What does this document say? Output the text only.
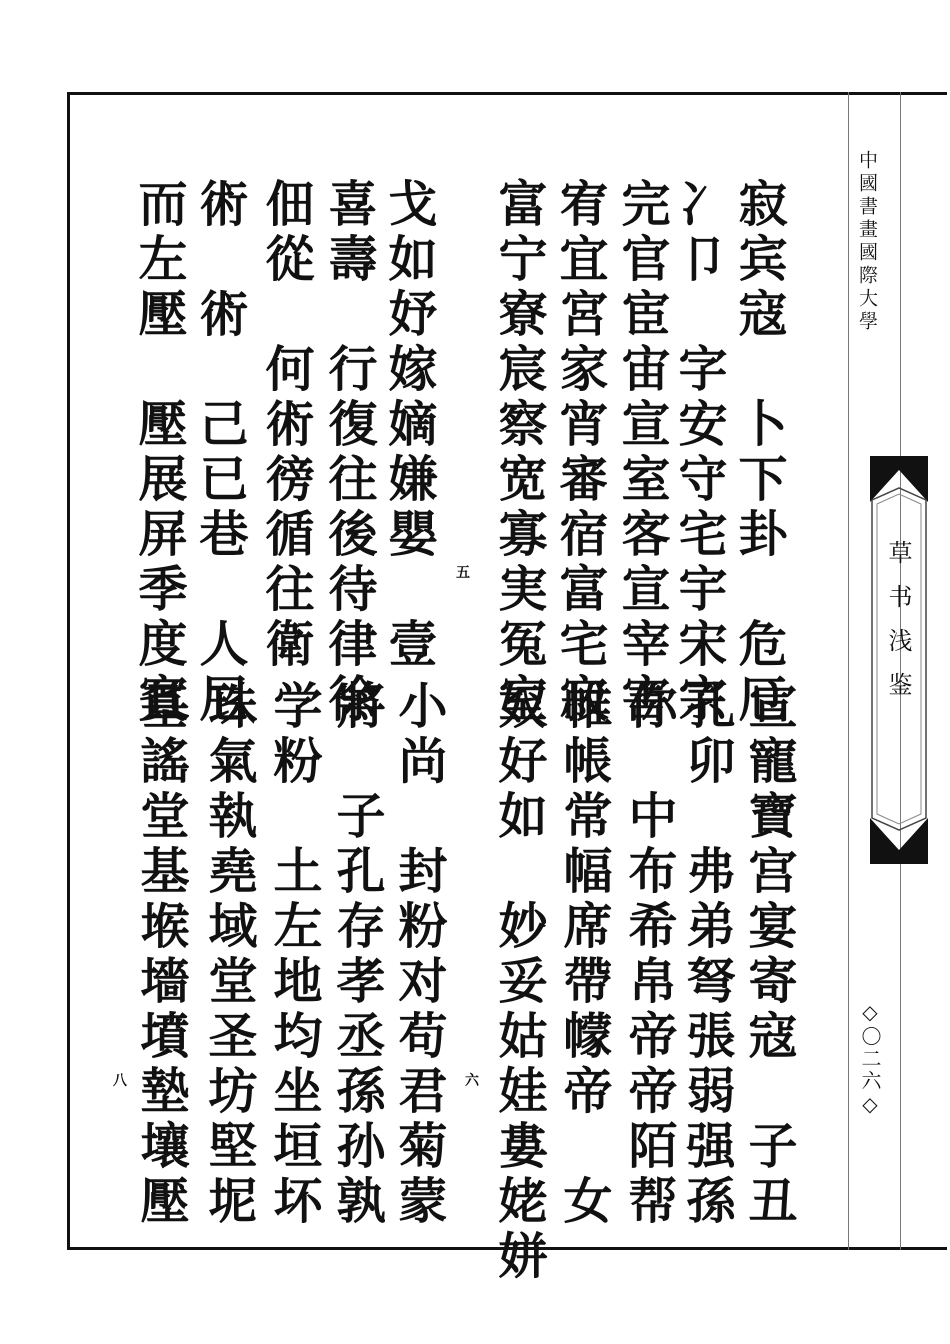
中國書畫國際大學
草书浅鉴
◇〇二六◇
寂宾寇　卜下卦　危厄
冫卩　字安守宅宇宋宗
完官宦宙宣室客宣宰害
宥宜宮家宵審宿富宅寂
富宁寮宸察宽寡実冤室
戈如妤嫁嫡嫌嬰　壹
喜壽　行復往後待律徐
佃從　何術徬循往衛
術　術　己已巷　人尼
而左壓　壓展屏季度賓	五
宣寵寶宫宴寄寇　子丑
孔卯　弗弟弩張弱强孫　
你　中布希帛帝帝陌帮
帷帳常幅席帶幪帝　女
奴好如　妙妥姑娃婁姥姘
小尚　封粉对苟君菊蒙
將　子孔存孝丞孫孙孰
学粉　土左地均坐垣坏
珠氣執堯域堂圣坊堅坭
基謠堂基堠墻墳墊壤壓	六
八
